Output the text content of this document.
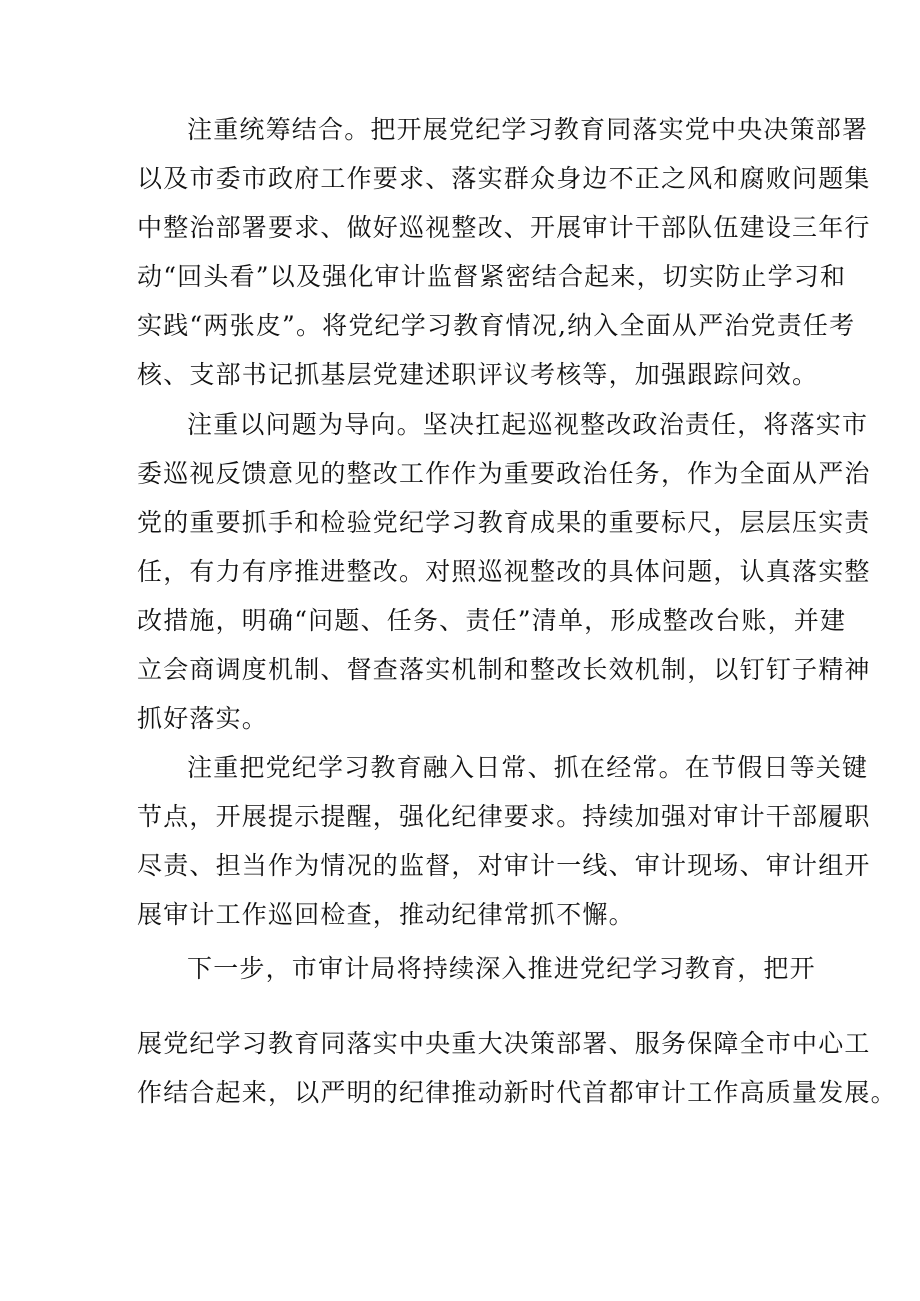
注重统筹结合。把开展党纪学习教育同落实党中央决策部署

以及市委市政府工作要求、落实群众身边不正之风和腐败问题集

中整治部署要求、做好巡视整改、开展审计干部队伍建设三年行

动“回头看”以及强化审计监督紧密结合起来，切实防止学习和

实践“两张皮”。将党纪学习教育情况,纳入全面从严治党责任考

核、支部书记抓基层党建述职评议考核等，加强跟踪问效。

注重以问题为导向。坚决扛起巡视整改政治责任，将落实市

委巡视反馈意见的整改工作作为重要政治任务，作为全面从严治

党的重要抓手和检验党纪学习教育成果的重要标尺，层层压实责

任，有力有序推进整改。对照巡视整改的具体问题，认真落实整

改措施，明确“问题、任务、责任”清单，形成整改台账，并建

立会商调度机制、督查落实机制和整改长效机制，以钉钉子精神

抓好落实。

注重把党纪学习教育融入日常、抓在经常。在节假日等关键

节点，开展提示提醒，强化纪律要求。持续加强对审计干部履职

尽责、担当作为情况的监督，对审计一线、审计现场、审计组开

展审计工作巡回检查，推动纪律常抓不懈。

下一步，市审计局将持续深入推进党纪学习教育，把开

展党纪学习教育同落实中央重大决策部署、服务保障全市中心工

作结合起来，以严明的纪律推动新时代首都审计工作高质量发展。
